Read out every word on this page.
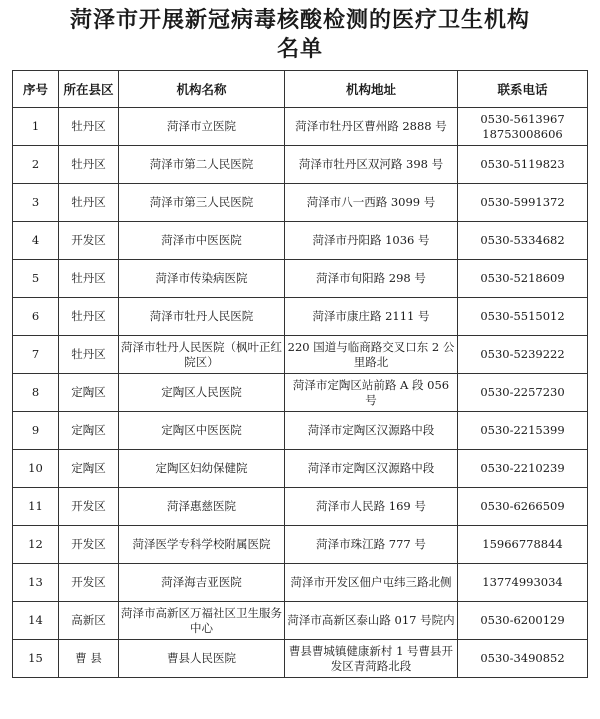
菏泽市开展新冠病毒核酸检测的医疗卫生机构
名单
序号	所在县区	机构名称	机构地址	联系电话
1	牡丹区	菏泽市立医院	菏泽市牡丹区曹州路 2888 号	0530-5613967
18753008606

2	牡丹区	菏泽市第二人民医院	菏泽市牡丹区双河路 398 号	0530-5119823

3	牡丹区	菏泽市第三人民医院	菏泽市八一西路 3099 号	0530-5991372

4	开发区	菏泽市中医医院	菏泽市丹阳路 1036 号	0530-5334682

5	牡丹区	菏泽市传染病医院	菏泽市旬阳路 298 号	0530-5218609

6	牡丹区	菏泽市牡丹人民医院	菏泽市康庄路 2111 号	0530-5515012

7	牡丹区	菏泽市牡丹人民医院（枫叶正红院区）	220 国道与临商路交叉口东 2 公里路北	0530-5239222

8	定陶区	定陶区人民医院	菏泽市定陶区站前路 A 段 056 号	0530-2257230

9	定陶区	定陶区中医医院	菏泽市定陶区汉源路中段	0530-2215399

10	定陶区	定陶区妇幼保健院	菏泽市定陶区汉源路中段	0530-2210239

11	开发区	菏泽惠慈医院	菏泽市人民路 169 号	0530-6266509

12	开发区	菏泽医学专科学校附属医院	菏泽市珠江路 777 号	15966778844

13	开发区	菏泽海吉亚医院	菏泽市开发区佃户屯纬三路北侧	13774993034

14	高新区	菏泽市高新区万福社区卫生服务中心	菏泽市高新区泰山路 017 号院内	0530-6200129

15	曹 县	曹县人民医院	曹县曹城镇健康新村 1 号曹县开发区青菏路北段	0530-3490852
